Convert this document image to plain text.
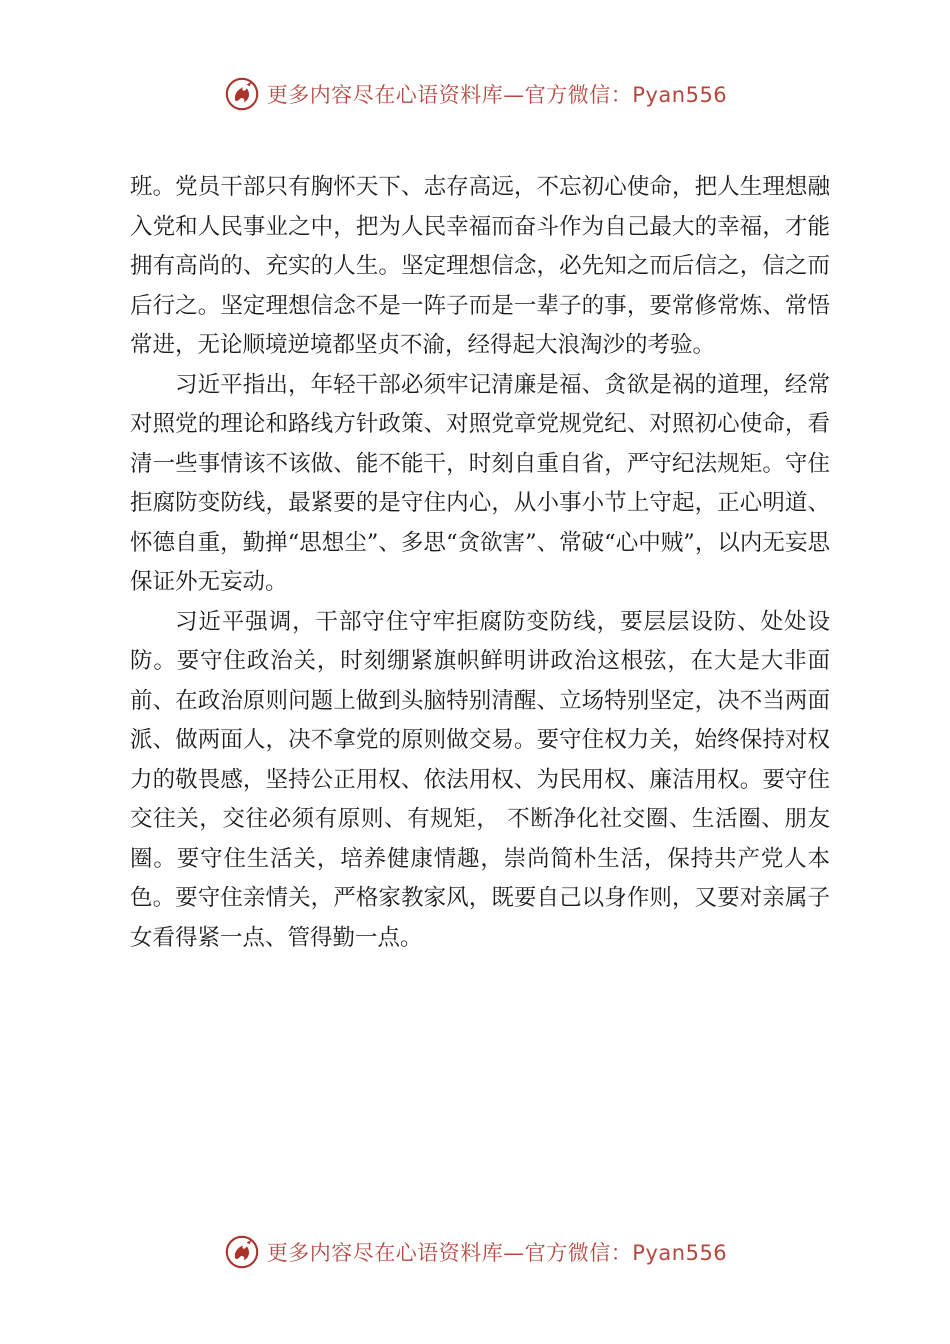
更多内容尽在心语资料库—官方微信：Pyan556

班。党员干部只有胸怀天下、志存高远，不忘初心使命，把人生理想融入党和人民事业之中，把为人民幸福而奋斗作为自己最大的幸福，才能拥有高尚的、充实的人生。坚定理想信念，必先知之而后信之，信之而后行之。坚定理想信念不是一阵子而是一辈子的事，要常修常炼、常悟常进，无论顺境逆境都坚贞不渝，经得起大浪淘沙的考验。

习近平指出，年轻干部必须牢记清廉是福、贪欲是祸的道理，经常对照党的理论和路线方针政策、对照党章党规党纪、对照初心使命，看清一些事情该不该做、能不能干，时刻自重自省，严守纪法规矩。守住拒腐防变防线，最紧要的是守住内心，从小事小节上守起，正心明道、怀德自重，勤掸“思想尘”、多思“贪欲害”、常破“心中贼”，以内无妄思保证外无妄动。

习近平强调，干部守住守牢拒腐防变防线，要层层设防、处处设防。要守住政治关，时刻绷紧旗帜鲜明讲政治这根弦，在大是大非面前、在政治原则问题上做到头脑特别清醒、立场特别坚定，决不当两面派、做两面人，决不拿党的原则做交易。要守住权力关，始终保持对权力的敬畏感，坚持公正用权、依法用权、为民用权、廉洁用权。要守住交往关，交往必须有原则、有规矩， 不断净化社交圈、生活圈、朋友圈。要守住生活关，培养健康情趣，崇尚简朴生活，保持共产党人本色。要守住亲情关，严格家教家风，既要自己以身作则，又要对亲属子女看得紧一点、管得勤一点。

更多内容尽在心语资料库—官方微信：Pyan556
